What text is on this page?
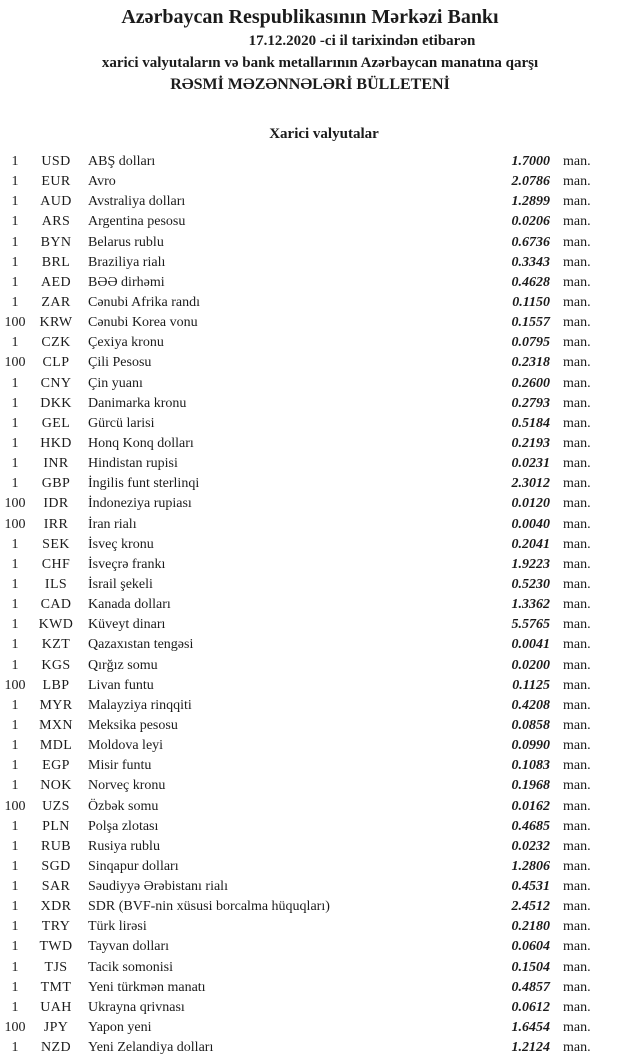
Azərbaycan Respublikasının Mərkəzi Bankı
17.12.2020 -ci il tarixindən etibarən
xarici valyutaların və bank metallarının Azərbaycan manatına qarşı
RƏSMİ MƏZƏNNƏLƏRİ BÜLLETENİ
Xarici valyutalar
1	USD	ABŞ dolları	1.7000 man.
1	EUR	Avro	2.0786 man.
1	AUD	Avstraliya dolları	1.2899 man.
1	ARS	Argentina pesosu	0.0206 man.
1	BYN	Belarus rublu	0.6736 man.
1	BRL	Braziliya rialı	0.3343 man.
1	AED	BƏƏ dirhəmi	0.4628 man.
1	ZAR	Cənubi Afrika randı	0.1150 man.
100 KRW	Cənubi Korea vonu	0.1557 man.
1	CZK	Çexiya kronu	0.0795 man.
100	CLP	Çili Pesosu	0.2318 man.
1	CNY	Çin yuanı	0.2600 man.
1	DKK	Danimarka kronu	0.2793 man.
1	GEL	Gürcü larisi	0.5184 man.
1	HKD	Honq Konq dolları	0.2193 man.
1	INR	Hindistan rupisi	0.0231 man.
1	GBP	İngilis funt sterlinqi	2.3012 man.
100	IDR	İndoneziya rupiası	0.0120 man.
100	IRR	İran rialı	0.0040 man.
1	SEK	İsveç kronu	0.2041 man.
1	CHF	İsveçrə frankı	1.9223 man.
1	ILS	İsrail şekeli	0.5230 man.
1	CAD	Kanada dolları	1.3362 man.
1	KWD	Küveyt dinarı	5.5765 man.
1	KZT	Qazaxıstan tengəsi	0.0041 man.
1	KGS	Qırğız somu	0.0200 man.
100	LBP	Livan funtu	0.1125 man.
1	MYR	Malayziya rinqqiti	0.4208 man.
1	MXN	Meksika pesosu	0.0858 man.
1	MDL	Moldova leyi	0.0990 man.
1	EGP	Misir funtu	0.1083 man.
1	NOK	Norveç kronu	0.1968 man.
100	UZS	Özbək somu	0.0162 man.
1	PLN	Polşa zlotası	0.4685 man.
1	RUB	Rusiya rublu	0.0232 man.
1	SGD	Sinqapur dolları	1.2806 man.
1	SAR	Səudiyyə Ərəbistanı rialı	0.4531 man.
1	XDR	SDR (BVF-nin xüsusi borcalma hüquqları)	2.4512 man.
1	TRY	Türk lirəsi	0.2180 man.
1	TWD	Tayvan dolları	0.0604 man.
1	TJS	Tacik somonisi	0.1504 man.
1	TMT	Yeni türkmən manatı	0.4857 man.
1	UAH	Ukrayna qrivnası	0.0612 man.
100	JPY	Yapon yeni	1.6454 man.
1	NZD	Yeni Zelandiya dolları	1.2124 man.
